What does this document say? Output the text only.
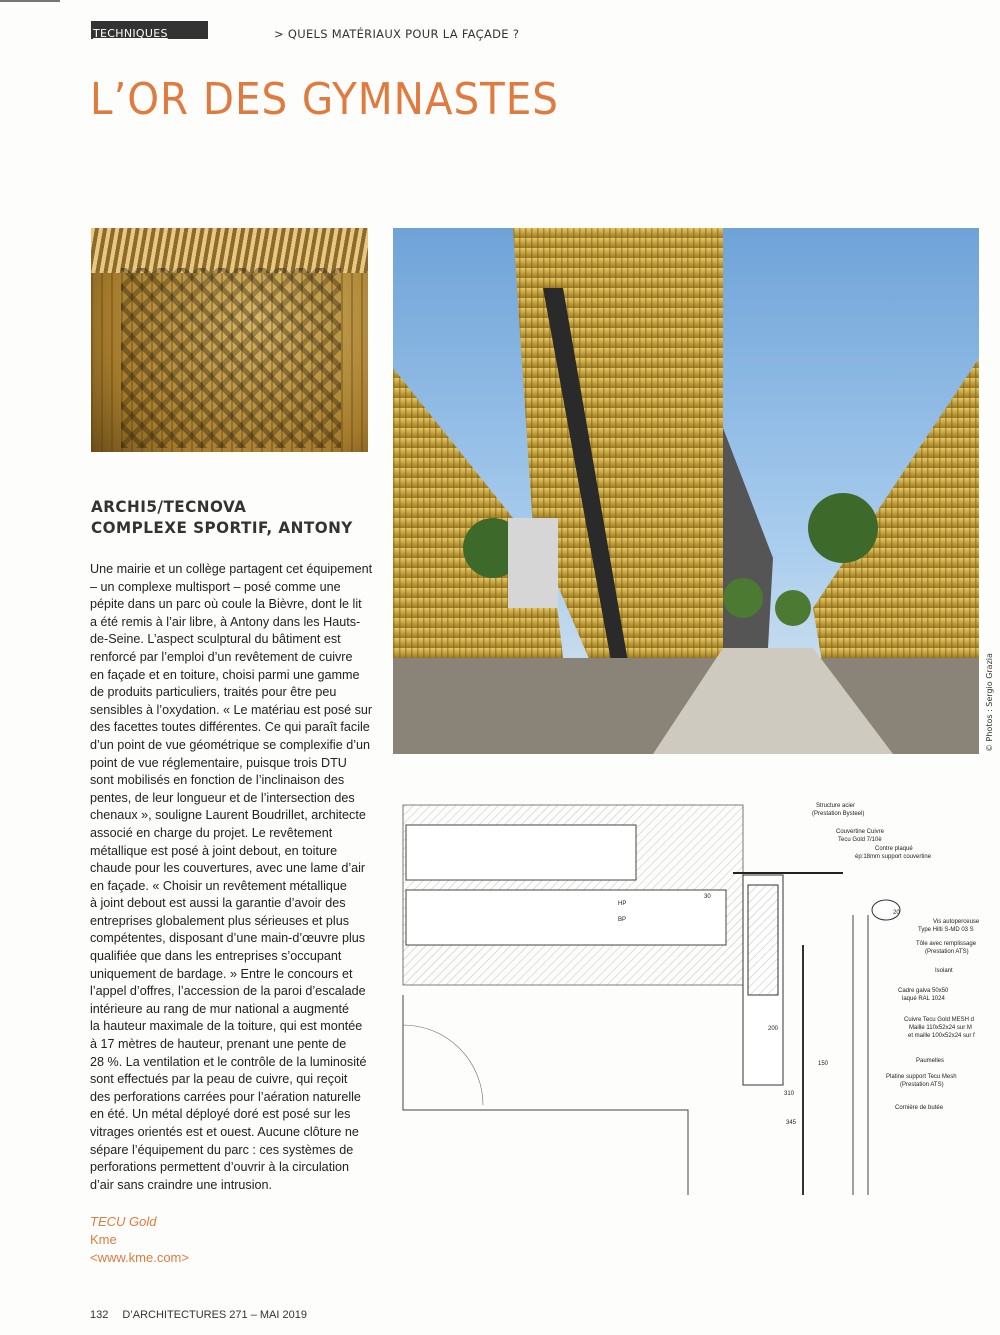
TECHNIQUES	> QUELS MATÉRIAUX POUR LA FAÇADE ?
L’OR DES GYMNASTES
© Photos : Sergio Grazia
Structure acier
(Prestation Bysteel)
Couvertine Cuivre
Tecu Gold 7/10è
Contre plaqué
ép:18mm support couvertine
Vis autoperceuse
Type Hilti S-MD 03 S
Tôle avec remplissage
(Prestation ATS)
Isolant
Cadre galva 50x50
laqué RAL 1024
Cuivre Tecu Gold MESH d
Maille 110x52x24 sur M
et maille 100x52x24 sur f
Paumelles
Platine support Tecu Mesh
(Prestation ATS)
Cornière de butée
HP
BP
30
20
200
150
310
345
ARCHI5/TECNOVA
COMPLEXE SPORTIF, ANTONY
Une mairie et un collège partagent cet équipement
– un complexe multisport – posé comme une
pépite dans un parc où coule la Bièvre, dont le lit
a été remis à l’air libre, à Antony dans les Hauts-
de-Seine. L’aspect sculptural du bâtiment est
renforcé par l’emploi d’un revêtement de cuivre
en façade et en toiture, choisi parmi une gamme
de produits particuliers, traités pour être peu
sensibles à l’oxydation. « Le matériau est posé sur
des facettes toutes différentes. Ce qui paraît facile
d’un point de vue géométrique se complexifie d’un
point de vue réglementaire, puisque trois DTU
sont mobilisés en fonction de l’inclinaison des
pentes, de leur longueur et de l’intersection des
chenaux », souligne Laurent Boudrillet, architecte
associé en charge du projet. Le revêtement
métallique est posé à joint debout, en toiture
chaude pour les couvertures, avec une lame d’air
en façade. « Choisir un revêtement métallique
à joint debout est aussi la garantie d’avoir des
entreprises globalement plus sérieuses et plus
compétentes, disposant d’une main-d’œuvre plus
qualifiée que dans les entreprises s’occupant
uniquement de bardage. » Entre le concours et
l’appel d’offres, l’accession de la paroi d’escalade
intérieure au rang de mur national a augmenté
la hauteur maximale de la toiture, qui est montée
à 17 mètres de hauteur, prenant une pente de
28 %. La ventilation et le contrôle de la luminosité
sont effectués par la peau de cuivre, qui reçoit
des perforations carrées pour l’aération naturelle
en été. Un métal déployé doré est posé sur les
vitrages orientés est et ouest. Aucune clôture ne
sépare l’équipement du parc : ces systèmes de
perforations permettent d’ouvrir à la circulation
d’air sans craindre une intrusion.
TECU Gold
Kme
<www.kme.com>
132 D’ARCHITECTURES 271 – MAI 2019
